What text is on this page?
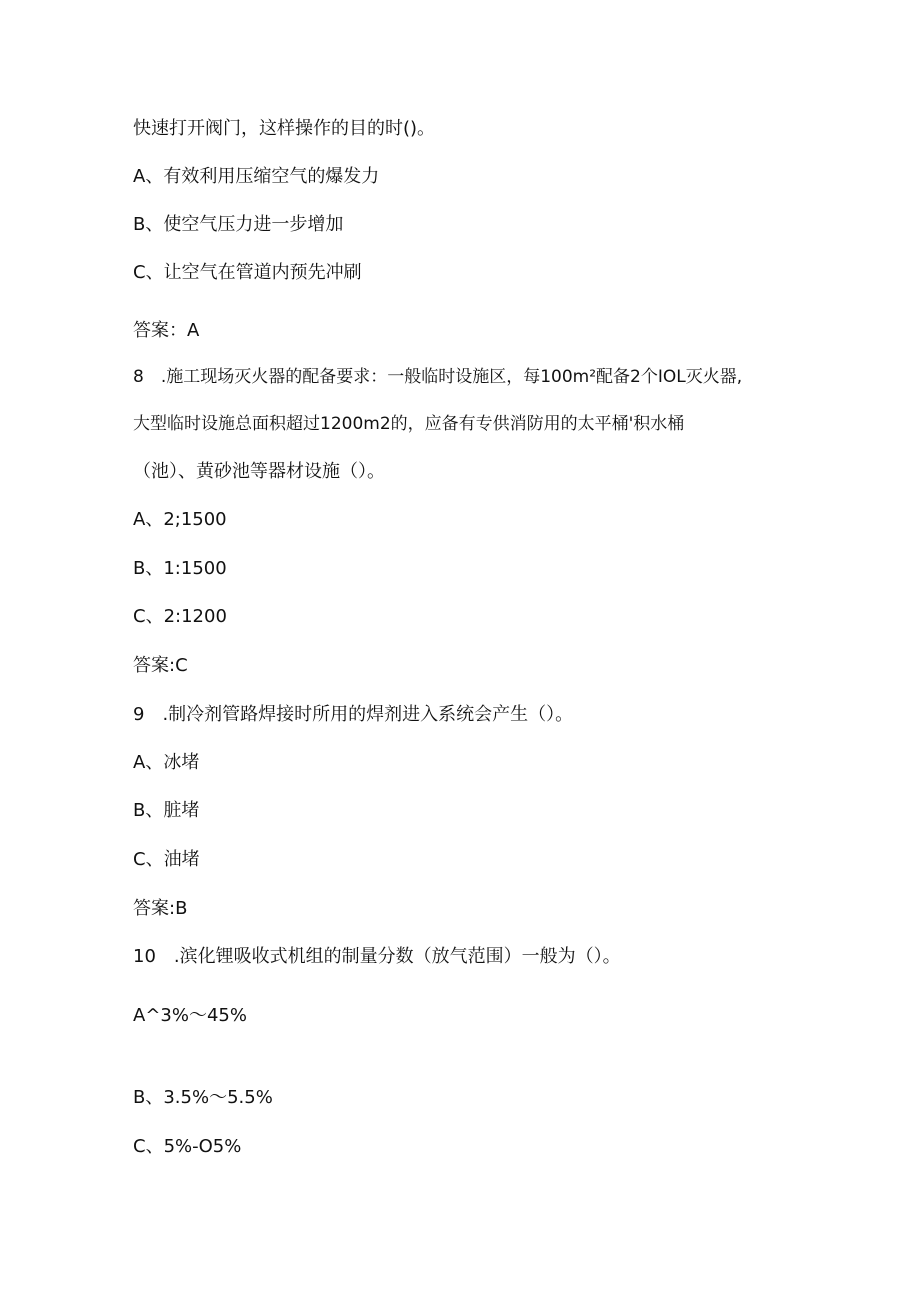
快速打开阀门，这样操作的目的时()。
A、有效利用压缩空气的爆发力
B、使空气压力进一步增加
C、让空气在管道内预先冲刷
答案：A
8　.施工现场灭火器的配备要求：一般临时设施区，每100m²配备2个IOL灭火器,
大型临时设施总面积超过1200m2的，应备有专供消防用的太平桶'积水桶
（池）、黄砂池等器材设施（）。
A、2;1500
B、1:1500
C、2:1200
答案:C
9　.制冷剂管路焊接时所用的焊剂进入系统会产生（）。
A、冰堵
B、脏堵
C、油堵
答案:B
10　.滨化锂吸收式机组的制量分数（放气范围）一般为（）。
A^3%～45%
B、3.5%～5.5%
C、5%-O5%
